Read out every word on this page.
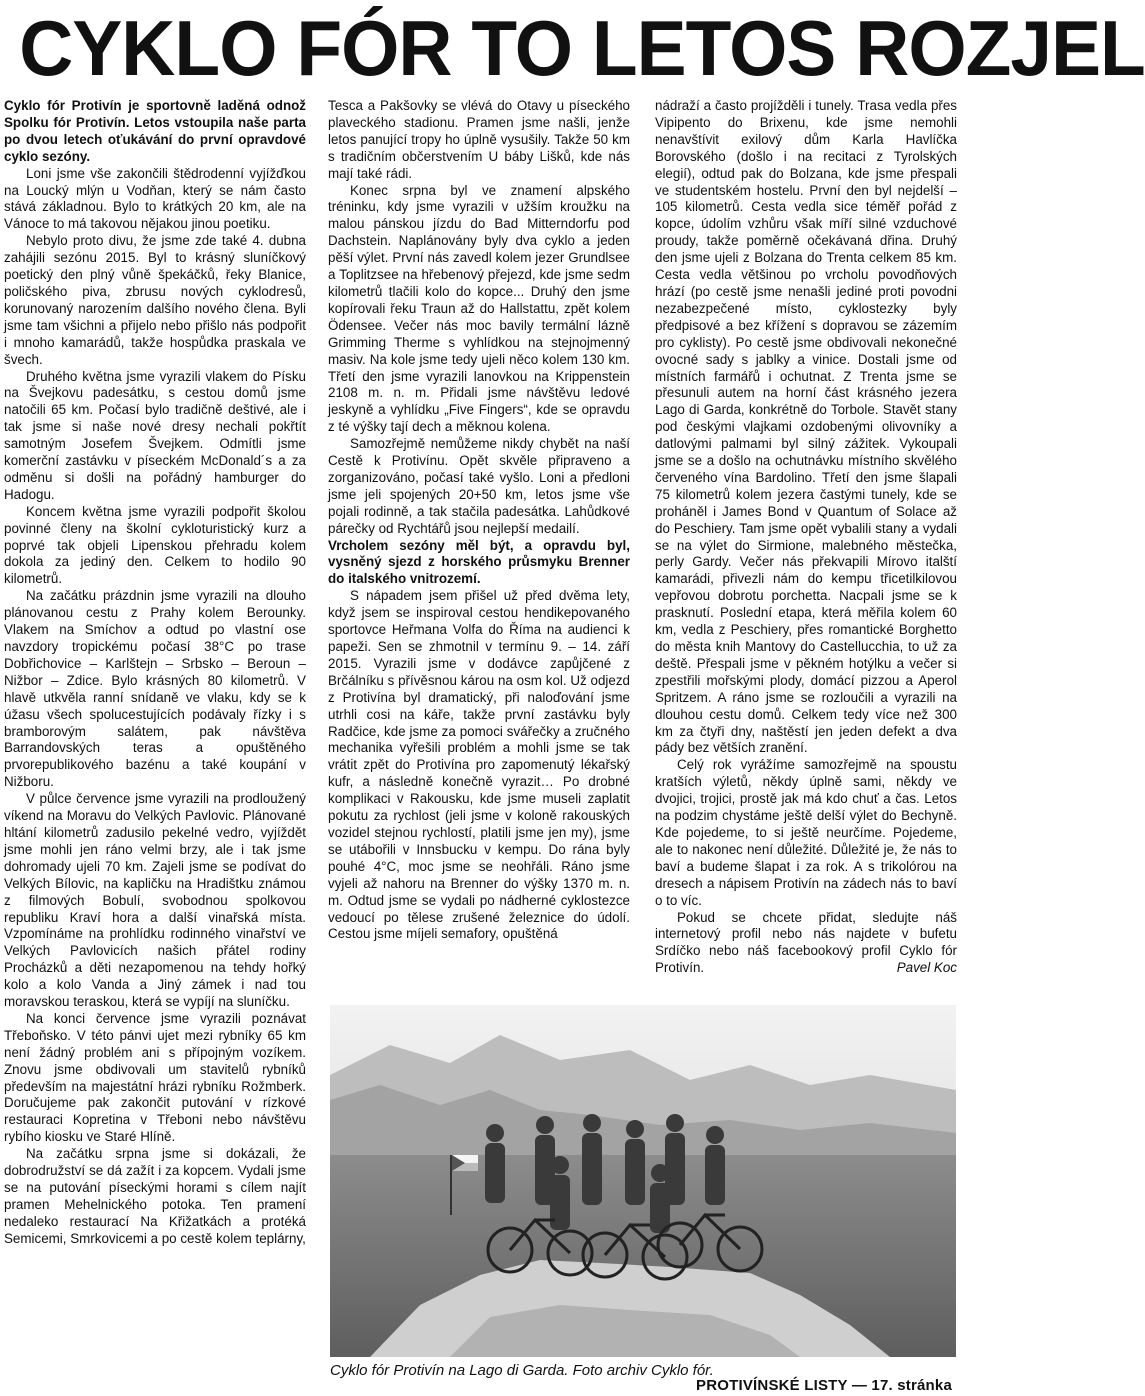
CYKLO FÓR TO LETOS ROZJEL

Cyklo fór Protivín je sportovně laděná odnož Spolku fór Protivín. Letos vstoupila naše parta po dvou letech oťukávání do první opravdové cyklo sezóny.

Loni jsme vše zakončili štědrodenní vyjížďkou na Loucký mlýn u Vodňan, který se nám často stává základnou. Bylo to krátkých 20 km, ale na Vánoce to má takovou nějakou jinou poetiku.

Nebylo proto divu, že jsme zde také 4. dubna zahájili sezónu 2015. Byl to krásný sluníčkový poetický den plný vůně špekáčků, řeky Blanice, poličského piva, zbrusu nových cyklodresů, korunovaný narozením dalšího nového člena. Byli jsme tam všichni a přijelo nebo přišlo nás podpořit i mnoho kamarádů, takže hospůdka praskala ve švech.

Druhého května jsme vyrazili vlakem do Písku na Švejkovu padesátku, s cestou domů jsme natočili 65 km. Počasí bylo tradičně deštivé, ale i tak jsme si naše nové dresy nechali pokřtít samotným Josefem Švejkem. Odmítli jsme komerční zastávku v píseckém McDonald´s a za odměnu si došli na pořádný hamburger do Hadogu.

Koncem května jsme vyrazili podpořit školou povinné členy na školní cykloturistický kurz a poprvé tak objeli Lipenskou přehradu kolem dokola za jediný den. Celkem to hodilo 90 kilometrů.

Na začátku prázdnin jsme vyrazili na dlouho plánovanou cestu z Prahy kolem Berounky. Vlakem na Smíchov a odtud po vlastní ose navzdory tropickému počasí 38°C po trase Dobřichovice – Karlštejn – Srbsko – Beroun – Nižbor – Zdice. Bylo krásných 80 kilometrů. V hlavě utkvěla ranní snídaně ve vlaku, kdy se k úžasu všech spolucestujících podávaly řízky i s bramborovým salátem, pak návštěva Barrandovských teras a opuštěného prvorepublikového bazénu a také koupání v Nižboru.

V půlce července jsme vyrazili na prodloužený víkend na Moravu do Velkých Pavlovic. Plánované hltání kilometrů zadusilo pekelné vedro, vyjíždět jsme mohli jen ráno velmi brzy, ale i tak jsme dohromady ujeli 70 km. Zajeli jsme se podívat do Velkých Bílovic, na kapličku na Hradištku známou z filmových Bobulí, svobodnou spolkovou republiku Kraví hora a další vinařská místa. Vzpomínáme na prohlídku rodinného vinařství ve Velkých Pavlovicích našich přátel rodiny Procházků a děti nezapomenou na tehdy hořký kolo a kolo Vanda a Jiný zámek i nad tou moravskou teraskou, která se vypíjí na sluníčku.

Na konci července jsme vyrazili poznávat Třeboňsko. V této pánvi ujet mezi rybníky 65 km není žádný problém ani s přípojným vozíkem. Znovu jsme obdivovali um stavitelů rybníků především na majestátní hrázi rybníku Rožmberk. Doručujeme pak zakončit putování v rízkové restauraci Kopretina v Třeboni nebo návštěvu rybího kiosku ve Staré Hlíně.

Na začátku srpna jsme si dokázali, že dobrodružství se dá zažít i za kopcem. Vydali jsme se na putování píseckými horami s cílem najít pramen Mehelnického potoka. Ten pramení nedaleko restaurací Na Křižatkách a protéká Semicemi, Smrkovicemi a po cestě kolem teplárny,

Tesca a Pakšovky se vlévá do Otavy u píseckého plaveckého stadionu. Pramen jsme našli, jenže letos panující tropy ho úplně vysušily. Takže 50 km s tradičním občerstvením U báby Lišků, kde nás mají také rádi.

Konec srpna byl ve znamení alpského tréninku, kdy jsme vyrazili v užším kroužku na malou pánskou jízdu do Bad Mitterndorfu pod Dachstein. Naplánovány byly dva cyklo a jeden pěší výlet. První nás zavedl kolem jezer Grundlsee a Toplitzsee na hřebenový přejezd, kde jsme sedm kilometrů tlačili kolo do kopce... Druhý den jsme kopírovali řeku Traun až do Hallstattu, zpět kolem Ödensee. Večer nás moc bavily termální lázně Grimming Therme s vyhlídkou na stejnojmenný masiv. Na kole jsme tedy ujeli něco kolem 130 km. Třetí den jsme vyrazili lanovkou na Krippenstein 2108 m. n. m. Přidali jsme návštěvu ledové jeskyně a vyhlídku „Five Fingers“, kde se opravdu z té výšky tají dech a měknou kolena.

Samozřejmě nemůžeme nikdy chybět na naší Cestě k Protivínu. Opět skvěle připraveno a zorganizováno, počasí také vyšlo. Loni a předloni jsme jeli spojených 20+50 km, letos jsme vše pojali rodinně, a tak stačila padesátka. Lahůdkové párečky od Rychtářů jsou nejlepší medailí.

Vrcholem sezóny měl být, a opravdu byl, vysněný sjezd z horského průsmyku Brenner do italského vnitrozemí.

S nápadem jsem přišel už před dvěma lety, když jsem se inspiroval cestou hendikepovaného sportovce Heřmana Volfa do Říma na audienci k papeži. Sen se zhmotnil v termínu 9. – 14. září 2015. Vyrazili jsme v dodávce zapůjčené z Brčálníku s přívěsnou károu na osm kol. Už odjezd z Protivína byl dramatický, při naloďování jsme utrhli cosi na káře, takže první zastávku byly Radčice, kde jsme za pomoci svářečky a zručného mechanika vyřešili problém a mohli jsme se tak vrátit zpět do Protivína pro zapomenutý lékařský kufr, a následně konečně vyrazit… Po drobné komplikaci v Rakousku, kde jsme museli zaplatit pokutu za rychlost (jeli jsme v koloně rakouských vozidel stejnou rychlostí, platili jsme jen my), jsme se utábořili v Innsbucku v kempu. Do rána byly pouhé 4°C, moc jsme se neohřáli. Ráno jsme vyjeli až nahoru na Brenner do výšky 1370 m. n. m. Odtud jsme se vydali po nádherné cyklostezce vedoucí po tělese zrušené železnice do údolí. Cestou jsme míjeli semafory, opuštěná

nádraží a často projížděli i tunely. Trasa vedla přes Vipipento do Brixenu, kde jsme nemohli nenavštívit exilový dům Karla Havlíčka Borovského (došlo i na recitaci z Tyrolských elegií), odtud pak do Bolzana, kde jsme přespali ve studentském hostelu. První den byl nejdelší – 105 kilometrů. Cesta vedla sice téměř pořád z kopce, údolím vzhůru však míří silné vzduchové proudy, takže poměrně očekávaná dřina. Druhý den jsme ujeli z Bolzana do Trenta celkem 85 km. Cesta vedla většinou po vrcholu povodňových hrází (po cestě jsme nenašli jediné proti povodni nezabezpečené místo, cyklostezky byly předpisové a bez křížení s dopravou se zázemím pro cyklisty). Po cestě jsme obdivovali nekonečné ovocné sady s jablky a vinice. Dostali jsme od místních farmářů i ochutnat. Z Trenta jsme se přesunuli autem na horní část krásného jezera Lago di Garda, konkrétně do Torbole. Stavět stany pod českými vlajkami ozdobenými olivovníky a datlovými palmami byl silný zážitek. Vykoupali jsme se a došlo na ochutnávku místního skvělého červeného vína Bardolino. Třetí den jsme šlapali 75 kilometrů kolem jezera častými tunely, kde se proháněl i James Bond v Quantum of Solace až do Peschiery. Tam jsme opět vybalili stany a vydali se na výlet do Sirmione, malebného městečka, perly Gardy. Večer nás překvapili Mírovo italští kamarádi, přivezli nám do kempu třicetilkilovou vepřovou dobrotu porchetta. Nacpali jsme se k prasknutí. Poslední etapa, která měřila kolem 60 km, vedla z Peschiery, přes romantické Borghetto do města knih Mantovy do Castellucchia, to už za deště. Přespali jsme v pěkném hotýlku a večer si zpestřili mořskými plody, domácí pizzou a Aperol Spritzem. A ráno jsme se rozloučili a vyrazili na dlouhou cestu domů. Celkem tedy více než 300 km za čtyři dny, naštěstí jen jeden defekt a dva pády bez větších zranění.

Celý rok vyrážíme samozřejmě na spoustu kratších výletů, někdy úplně sami, někdy ve dvojici, trojici, prostě jak má kdo chuť a čas. Letos na podzim chystáme ještě delší výlet do Bechyně. Kde pojedeme, to si ještě neurčíme. Pojedeme, ale to nakonec není důležité. Důležité je, že nás to baví a budeme šlapat i za rok. A s trikolórou na dresech a nápisem Protivín na zádech nás to baví o to víc.

Pokud se chcete přidat, sledujte náš internetový profil nebo nás najdete v bufetu Srdíčko nebo náš facebookový profil Cyklo fór Protivín.	Pavel Koc

Cyklo fór Protivín na Lago di Garda. Foto archiv Cyklo fór.
PROTIVÍNSKÉ LISTY — 17. stránka
